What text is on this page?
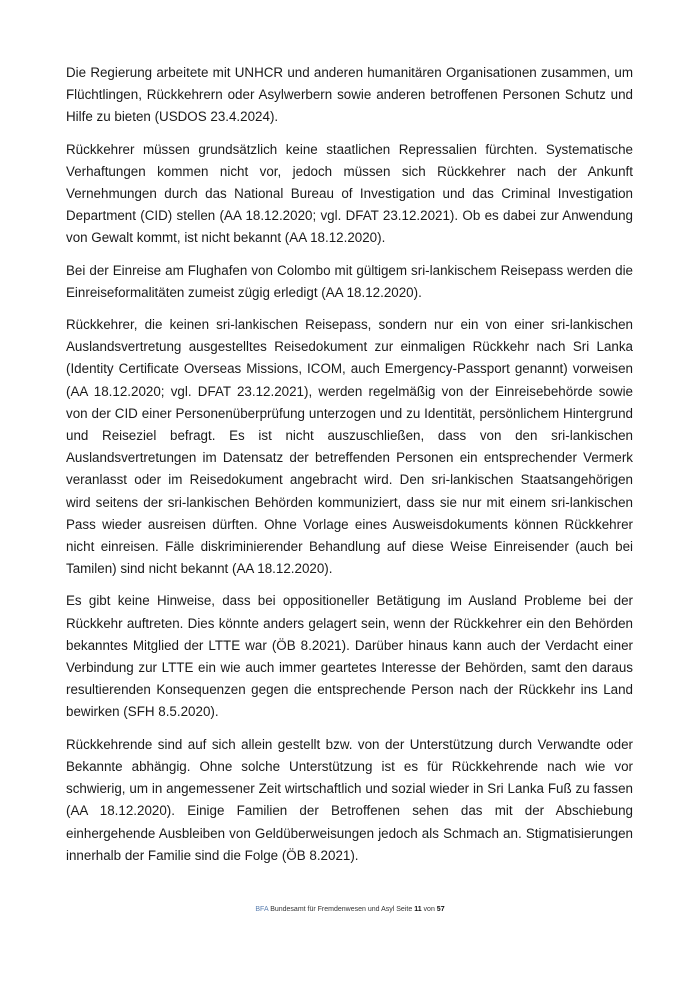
Die Regierung arbeitete mit UNHCR und anderen humanitären Organisationen zusammen, um Flüchtlingen, Rückkehrern oder Asylwerbern sowie anderen betroffenen Personen Schutz und Hilfe zu bieten (USDOS 23.4.2024).

Rückkehrer müssen grundsätzlich keine staatlichen Repressalien fürchten. Systematische Verhaftungen kommen nicht vor, jedoch müssen sich Rückkehrer nach der Ankunft Vernehmungen durch das National Bureau of Investigation und das Criminal Investigation Department (CID) stellen (AA 18.12.2020; vgl. DFAT 23.12.2021). Ob es dabei zur Anwendung von Gewalt kommt, ist nicht bekannt (AA 18.12.2020).

Bei der Einreise am Flughafen von Colombo mit gültigem sri-lankischem Reisepass werden die Einreiseformalitäten zumeist zügig erledigt (AA 18.12.2020).

Rückkehrer, die keinen sri-lankischen Reisepass, sondern nur ein von einer sri-lankischen Auslandsvertretung ausgestelltes Reisedokument zur einmaligen Rückkehr nach Sri Lanka (Identity Certificate Overseas Missions, ICOM, auch Emergency-Passport genannt) vorweisen (AA 18.12.2020; vgl. DFAT 23.12.2021), werden regelmäßig von der Einreisebehörde sowie von der CID einer Personenüberprüfung unterzogen und zu Identität, persönlichem Hintergrund und Reiseziel befragt. Es ist nicht auszuschließen, dass von den sri-lankischen Auslandsvertretungen im Datensatz der betreffenden Personen ein entsprechender Vermerk veranlasst oder im Reisedokument angebracht wird. Den sri-lankischen Staatsangehörigen wird seitens der sri-lankischen Behörden kommuniziert, dass sie nur mit einem sri-lankischen Pass wieder ausreisen dürften. Ohne Vorlage eines Ausweisdokuments können Rückkehrer nicht einreisen. Fälle diskriminierender Behandlung auf diese Weise Einreisender (auch bei Tamilen) sind nicht bekannt (AA 18.12.2020).

Es gibt keine Hinweise, dass bei oppositioneller Betätigung im Ausland Probleme bei der Rückkehr auftreten. Dies könnte anders gelagert sein, wenn der Rückkehrer ein den Behörden bekanntes Mitglied der LTTE war (ÖB 8.2021). Darüber hinaus kann auch der Verdacht einer Verbindung zur LTTE ein wie auch immer geartetes Interesse der Behörden, samt den daraus resultierenden Konsequenzen gegen die entsprechende Person nach der Rückkehr ins Land bewirken (SFH 8.5.2020).

Rückkehrende sind auf sich allein gestellt bzw. von der Unterstützung durch Verwandte oder Bekannte abhängig. Ohne solche Unterstützung ist es für Rückkehrende nach wie vor schwierig, um in angemessener Zeit wirtschaftlich und sozial wieder in Sri Lanka Fuß zu fassen (AA 18.12.2020). Einige Familien der Betroffenen sehen das mit der Abschiebung einhergehende Ausbleiben von Geldüberweisungen jedoch als Schmach an. Stigmatisierungen innerhalb der Familie sind die Folge (ÖB 8.2021).

BFA Bundesamt für Fremdenwesen und Asyl Seite 11 von 57
